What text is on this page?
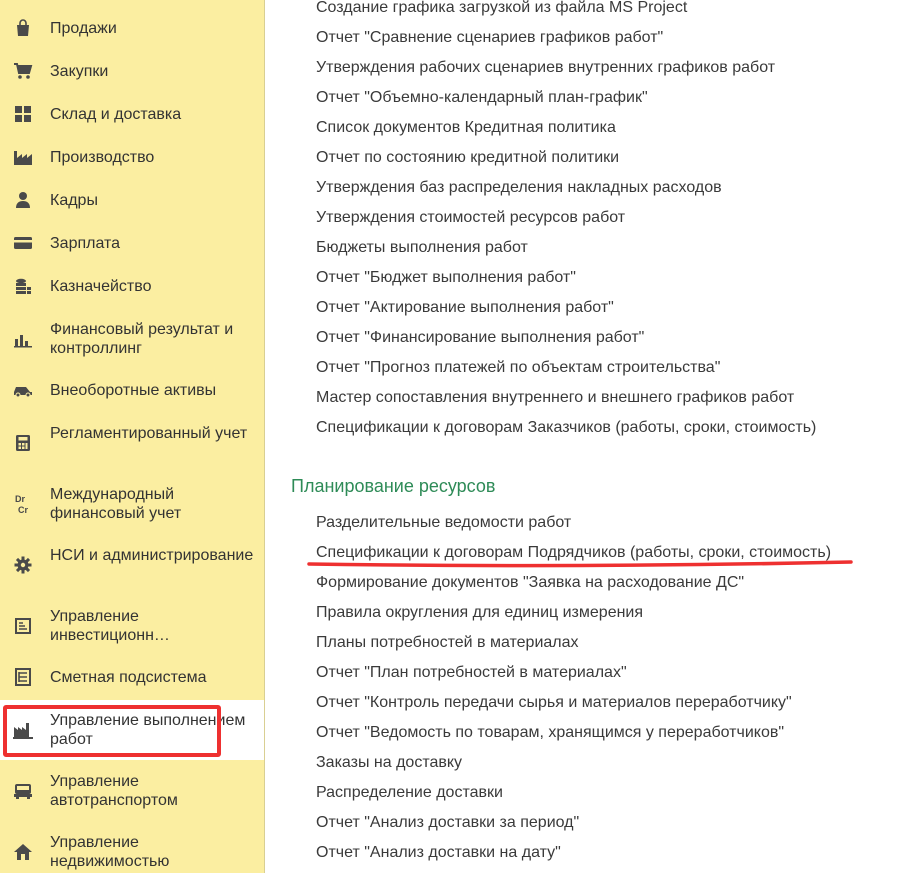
Продажи
Закупки
Склад и доставка
Производство
Кадры
Зарплата
Казначейство
Финансовый результат и контроллинг
Внеоборотные активы
Регламентированный учет
Dr
Cr
Международный финансовый учет
НСИ и администрирование
Управление инвестиционн…
Сметная подсистема
Управление выполнением работ
Управление автотранспортом
Управление недвижимостью
Создание графика загрузкой из файла MS Project
Отчет "Сравнение сценариев графиков работ"
Утверждения рабочих сценариев внутренних графиков работ
Отчет "Объемно-календарный план-график"
Список документов Кредитная политика
Отчет по состоянию кредитной политики
Утверждения баз распределения накладных расходов
Утверждения стоимостей ресурсов работ
Бюджеты выполнения работ
Отчет "Бюджет выполнения работ"
Отчет "Актирование выполнения работ"
Отчет "Финансирование выполнения работ"
Отчет "Прогноз платежей по объектам строительства"
Мастер сопоставления внутреннего и внешнего графиков работ
Спецификации к договорам Заказчиков (работы, сроки, стоимость)
Планирование ресурсов
Разделительные ведомости работ
Спецификации к договорам Подрядчиков (работы, сроки, стоимость)
Формирование документов "Заявка на расходование ДС"
Правила округления для единиц измерения
Планы потребностей в материалах
Отчет "План потребностей в материалах"
Отчет "Контроль передачи сырья и материалов переработчику"
Отчет "Ведомость по товарам, хранящимся у переработчиков"
Заказы на доставку
Распределение доставки
Отчет "Анализ доставки за период"
Отчет "Анализ доставки на дату"
